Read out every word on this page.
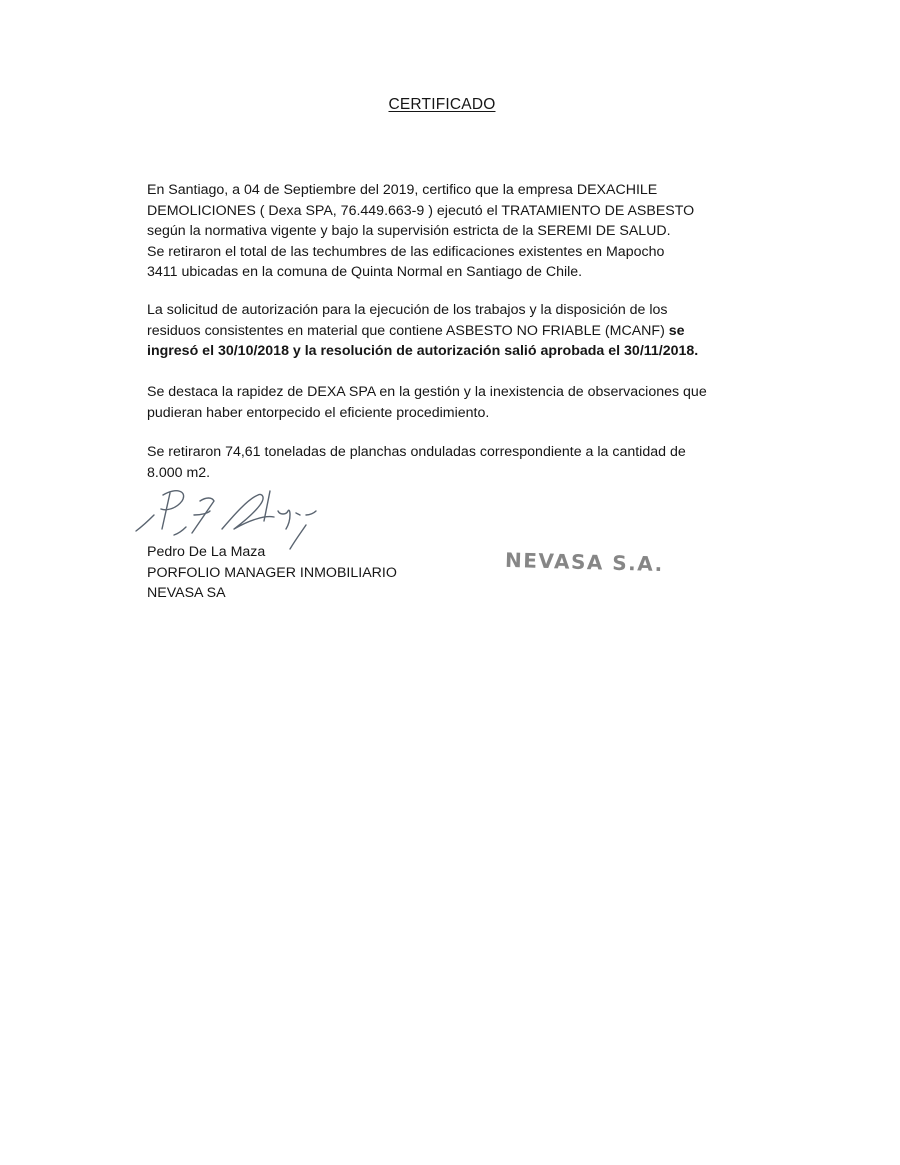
CERTIFICADO

En Santiago, a 04 de Septiembre del 2019, certifico que la empresa DEXACHILE
DEMOLICIONES ( Dexa SPA, 76.449.663-9 ) ejecutó el TRATAMIENTO DE ASBESTO
según la normativa vigente y bajo la supervisión estricta de la SEREMI DE SALUD.
Se retiraron el total de las techumbres de las edificaciones existentes en Mapocho
3411 ubicadas en la comuna de Quinta Normal en Santiago de Chile.

La solicitud de autorización para la ejecución de los trabajos y la disposición de los
residuos consistentes en material que contiene ASBESTO NO FRIABLE (MCANF) se
ingresó el 30/10/2018 y la resolución de autorización salió aprobada el 30/11/2018.

Se destaca la rapidez de DEXA SPA en la gestión y la inexistencia de observaciones que
pudieran haber entorpecido el eficiente procedimiento.

Se retiraron 74,61 toneladas de planchas onduladas correspondiente a la cantidad de
8.000 m2.

Pedro De La Maza
PORFOLIO MANAGER INMOBILIARIO
NEVASA SA
NEVASA S.A.
